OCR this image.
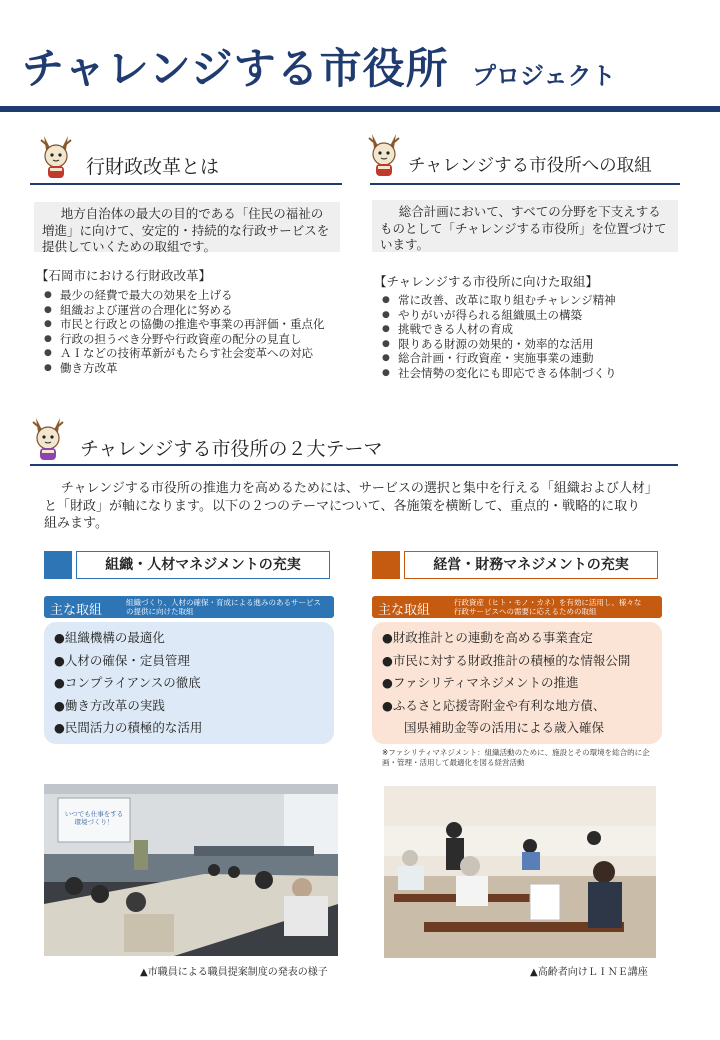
チャレンジする市役所 プロジェクト
行財政改革とは
地方自治体の最大の目的である「住民の福祉の増進」に向けて、安定的・持続的な行政サービスを提供していくための取組です。
【石岡市における行財政改革】
● 最少の経費で最大の効果を上げる
● 組織および運営の合理化に努める
● 市民と行政との協働の推進や事業の再評価・重点化
● 行政の担うべき分野や行政資産の配分の見直し
● ＡＩなどの技術革新がもたらす社会変革への対応
● 働き方改革
チャレンジする市役所への取組
総合計画において、すべての分野を下支えするものとして「チャレンジする市役所」を位置づけています。
【チャレンジする市役所に向けた取組】
● 常に改善、改革に取り組むチャレンジ精神
● やりがいが得られる組織風土の構築
● 挑戦できる人材の育成
● 限りある財源の効果的・効率的な活用
● 総合計画・行政資産・実施事業の連動
● 社会情勢の変化にも即応できる体制づくり
チャレンジする市役所の２大テーマ
チャレンジする市役所の推進力を高めるためには、サービスの選択と集中を行える「組織および人材」と「財政」が軸になります。以下の２つのテーマについて、各施策を横断して、重点的・戦略的に取り組みます。
組織・人材マネジメントの充実
主な取組
組織づくり、人材の確保・育成による進みのあるサービスの提供に向けた取組
●組織機構の最適化
●人材の確保・定員管理
●コンプライアンスの徹底
●働き方改革の実践
●民間活力の積極的な活用
経営・財務マネジメントの充実
主な取組
行政資産（ヒト・モノ・カネ）を有効に活用し、様々な行政サービスへの需要に応えるための取組
●財政推計との連動を高める事業査定
●市民に対する財政推計の積極的な情報公開
●ファシリティマネジメントの推進
●ふるさと応援寄附金や有利な地方債、
国県補助金等の活用による歳入確保
※ファシリティマネジメント：組織活動のために、施設とその環境を総合的に企画・管理・活用して最適化を図る経営活動
いつでも仕事をする環境づくり！
▲市職員による職員提案制度の発表の様子	▲高齢者向けＬＩＮＥ講座
